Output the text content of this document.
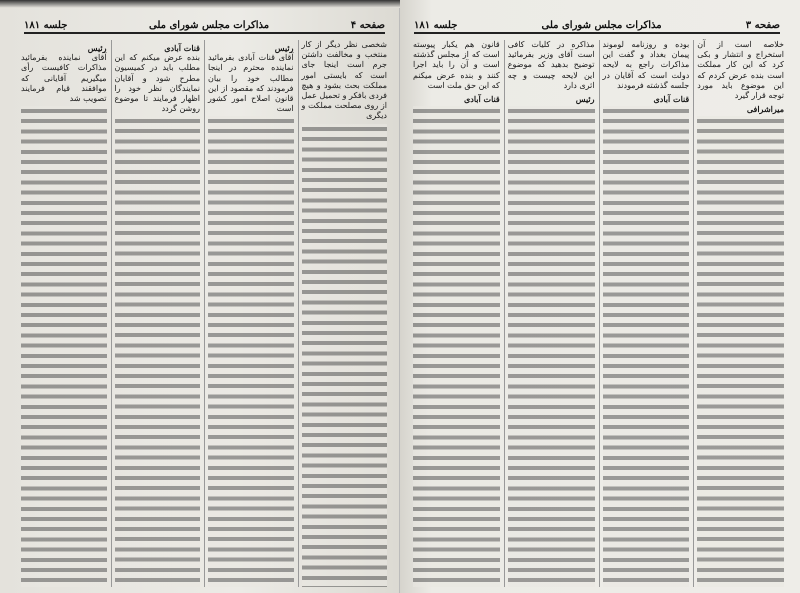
صفحه ۴
مذاکرات مجلس شورای ملی
جلسه ۱۸۱
شخصی نظر دیگر از کار منتخب و مخالفت داشتن جرم است اینجا جای است که بایستی امور مملکت بحث بشود و هیچ فردی بافکر و تحمیل عمل از روی مصلحت مملکت و دیگری
رئیس
آقای قنات آبادی بفرمائید نماینده محترم در اینجا مطالب خود را بیان فرمودند که مقصود از این قانون اصلاح امور کشور است
قنات آبادی
بنده عرض میکنم که این مطلب باید در کمیسیون مطرح شود و آقایان نمایندگان نظر خود را اظهار فرمایند تا موضوع روشن گردد
رئیس
آقای نماینده بفرمائید مذاکرات کافیست رأی میگیریم آقایانی که موافقند قیام فرمایند تصویب شد
صفحه ۳
مذاکرات مجلس شورای ملی
جلسه ۱۸۱
خلاصه است از آن استخراج و انتشار و بکی کرد که این کار مملکت است بنده عرض کردم که این موضوع باید مورد توجه قرار گیرد
میراشرافی
بوده و روزنامه لوموند پیمان بغداد و گفت این مذاکرات راجع به لایحه دولت است که آقایان در جلسه گذشته فرمودند
قنات آبادی
مذاکره در کلیات کافی است آقای وزیر بفرمائید توضیح بدهید که موضوع این لایحه چیست و چه اثری دارد
رئیس
قانون هم یکبار پیوسته است که از مجلس گذشته است و آن را باید اجرا کنند و بنده عرض میکنم که این حق ملت است
قنات آبادی
